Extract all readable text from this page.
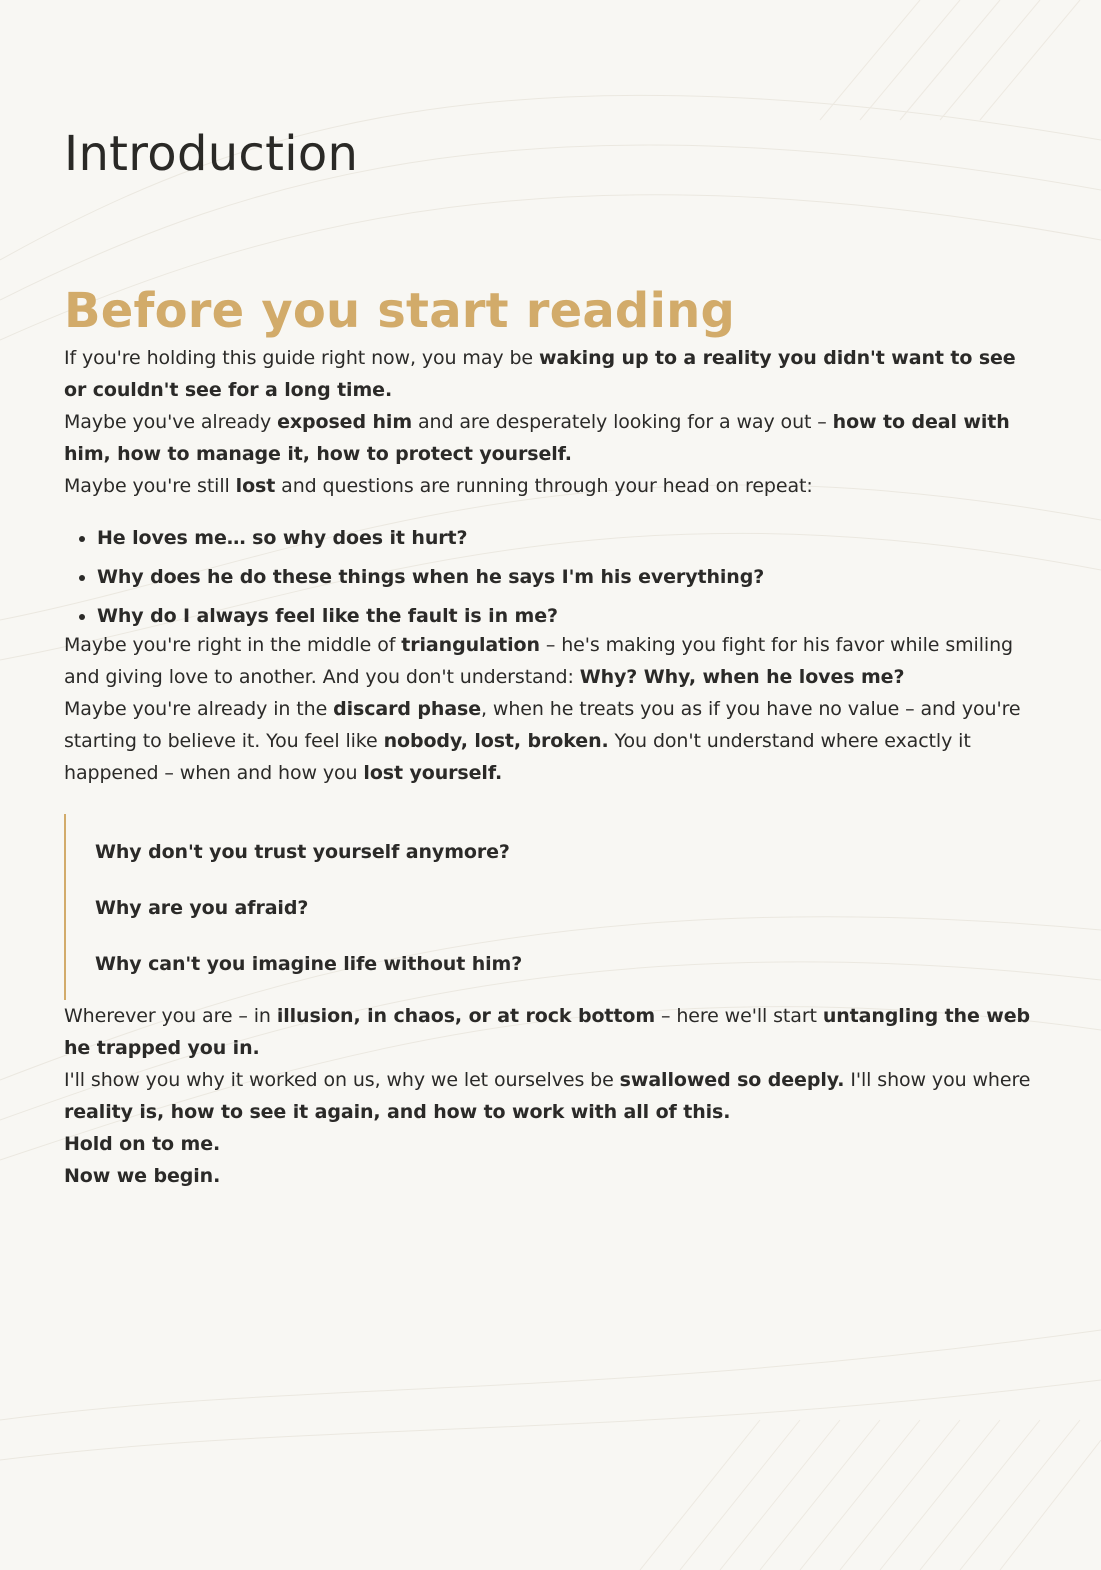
Introduction
Before you start reading

If you're holding this guide right now, you may be waking up to a reality you didn't want to see or couldn't see for a long time.

Maybe you've already exposed him and are desperately looking for a way out – how to deal with him, how to manage it, how to protect yourself.

Maybe you're still lost and questions are running through your head on repeat:

• He loves me… so why does it hurt?
• Why does he do these things when he says I'm his everything?
• Why do I always feel like the fault is in me?

Maybe you're right in the middle of triangulation – he's making you fight for his favor while smiling and giving love to another. And you don't understand: Why? Why, when he loves me?

Maybe you're already in the discard phase, when he treats you as if you have no value – and you're starting to believe it. You feel like nobody, lost, broken. You don't understand where exactly it happened – when and how you lost yourself.

Why don't you trust yourself anymore?

Why are you afraid?

Why can't you imagine life without him?

Wherever you are – in illusion, in chaos, or at rock bottom – here we'll start untangling the web he trapped you in.

I'll show you why it worked on us, why we let ourselves be swallowed so deeply. I'll show you where reality is, how to see it again, and how to work with all of this.

Hold on to me.

Now we begin.
